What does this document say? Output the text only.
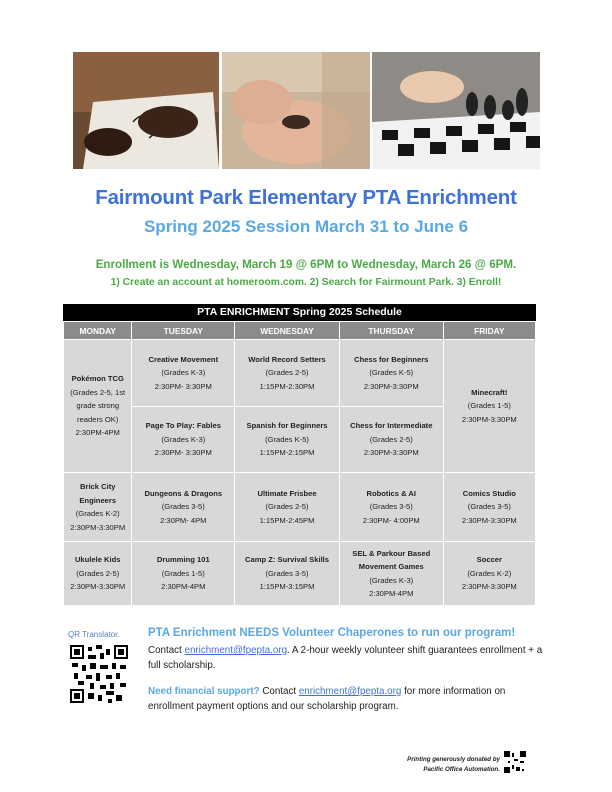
Fairmount Park Elementary PTA Enrichment
Spring 2025 Session March 31 to June 6
Enrollment is Wednesday, March 19 @ 6PM to Wednesday, March 26 @ 6PM.
1) Create an account at homeroom.com. 2) Search for Fairmount Park. 3) Enroll!
PTA ENRICHMENT Spring 2025 Schedule
MONDAY	TUESDAY	WEDNESDAY	THURSDAY	FRIDAY

Pokémon TCG
(Grades 2-5, 1st grade strong readers OK)
2:30PM-4PM	Creative Movement
(Grades K-3)
2:30PM- 3:30PM	World Record Setters
(Grades 2-5)
1:15PM-2:30PM	Chess for Beginners
(Grades K-5)
2:30PM-3:30PM	Minecraft!
(Grades 1-5)
2:30PM-3:30PM

	Page To Play: Fables
(Grades K-3)
2:30PM- 3:30PM	Spanish for Beginners
(Grades K-5)
1:15PM-2:15PM	Chess for Intermediate
(Grades 2-5)
2:30PM-3:30PM	

Brick City Engineers
(Grades K-2)
2:30PM-3:30PM	Dungeons & Dragons
(Grades 3-5)
2:30PM- 4PM	Ultimate Frisbee
(Grades 2-5)
1:15PM-2:45PM	Robotics & AI
(Grades 3-5)
2:30PM- 4:00PM	Comics Studio
(Grades 3-5)
2:30PM-3:30PM

Ukulele Kids
(Grades 2-5)
2:30PM-3:30PM	Drumming 101
(Grades 1-5)
2:30PM-4PM	Camp Z: Survival Skills
(Grades 3-5)
1:15PM-3:15PM	SEL & Parkour Based Movement Games
(Grades K-3)
2:30PM-4PM	Soccer
(Grades K-2)
2:30PM-3:30PM
QR Translator. PTA Enrichment NEEDS Volunteer Chaperones to run our program!
Contact enrichment@fpepta.org. A 2-hour weekly volunteer shift guarantees enrollment + a full scholarship.
Need financial support? Contact enrichment@fpepta.org for more information on enrollment payment options and our scholarship program.
Printing generously donated by
Pacific Office Automation.
